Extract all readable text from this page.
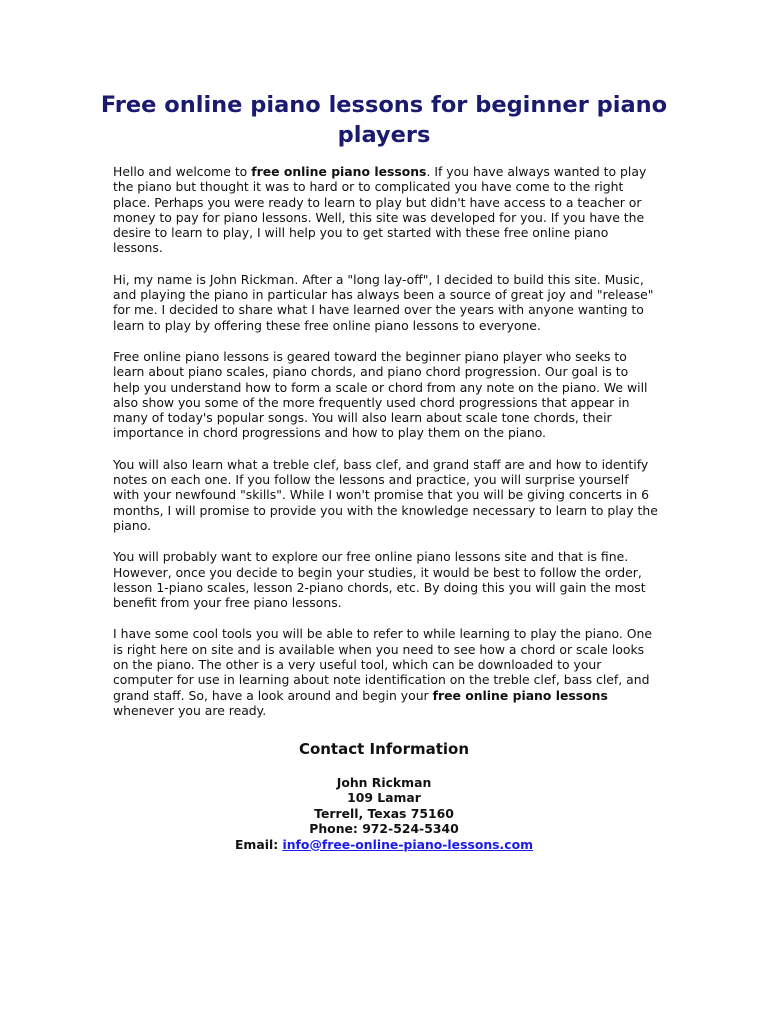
Free online piano lessons for beginner piano players

Hello and welcome to free online piano lessons. If you have always wanted to play the piano but thought it was to hard or to complicated you have come to the right place. Perhaps you were ready to learn to play but didn't have access to a teacher or money to pay for piano lessons. Well, this site was developed for you. If you have the desire to learn to play, I will help you to get started with these free online piano lessons.

Hi, my name is John Rickman. After a "long lay-off", I decided to build this site. Music, and playing the piano in particular has always been a source of great joy and "release" for me. I decided to share what I have learned over the years with anyone wanting to learn to play by offering these free online piano lessons to everyone.

Free online piano lessons is geared toward the beginner piano player who seeks to learn about piano scales, piano chords, and piano chord progression. Our goal is to help you understand how to form a scale or chord from any note on the piano. We will also show you some of the more frequently used chord progressions that appear in many of today's popular songs. You will also learn about scale tone chords, their importance in chord progressions and how to play them on the piano.

You will also learn what a treble clef, bass clef, and grand staff are and how to identify notes on each one. If you follow the lessons and practice, you will surprise yourself with your newfound "skills". While I won't promise that you will be giving concerts in 6 months, I will promise to provide you with the knowledge necessary to learn to play the piano.

You will probably want to explore our free online piano lessons site and that is fine. However, once you decide to begin your studies, it would be best to follow the order, lesson 1-piano scales, lesson 2-piano chords, etc. By doing this you will gain the most benefit from your free piano lessons.

I have some cool tools you will be able to refer to while learning to play the piano. One is right here on site and is available when you need to see how a chord or scale looks on the piano. The other is a very useful tool, which can be downloaded to your computer for use in learning about note identification on the treble clef, bass clef, and grand staff. So, have a look around and begin your free online piano lessons whenever you are ready.

Contact Information
John Rickman
109 Lamar
Terrell, Texas 75160
Phone: 972-524-5340
Email: info@free-online-piano-lessons.com
